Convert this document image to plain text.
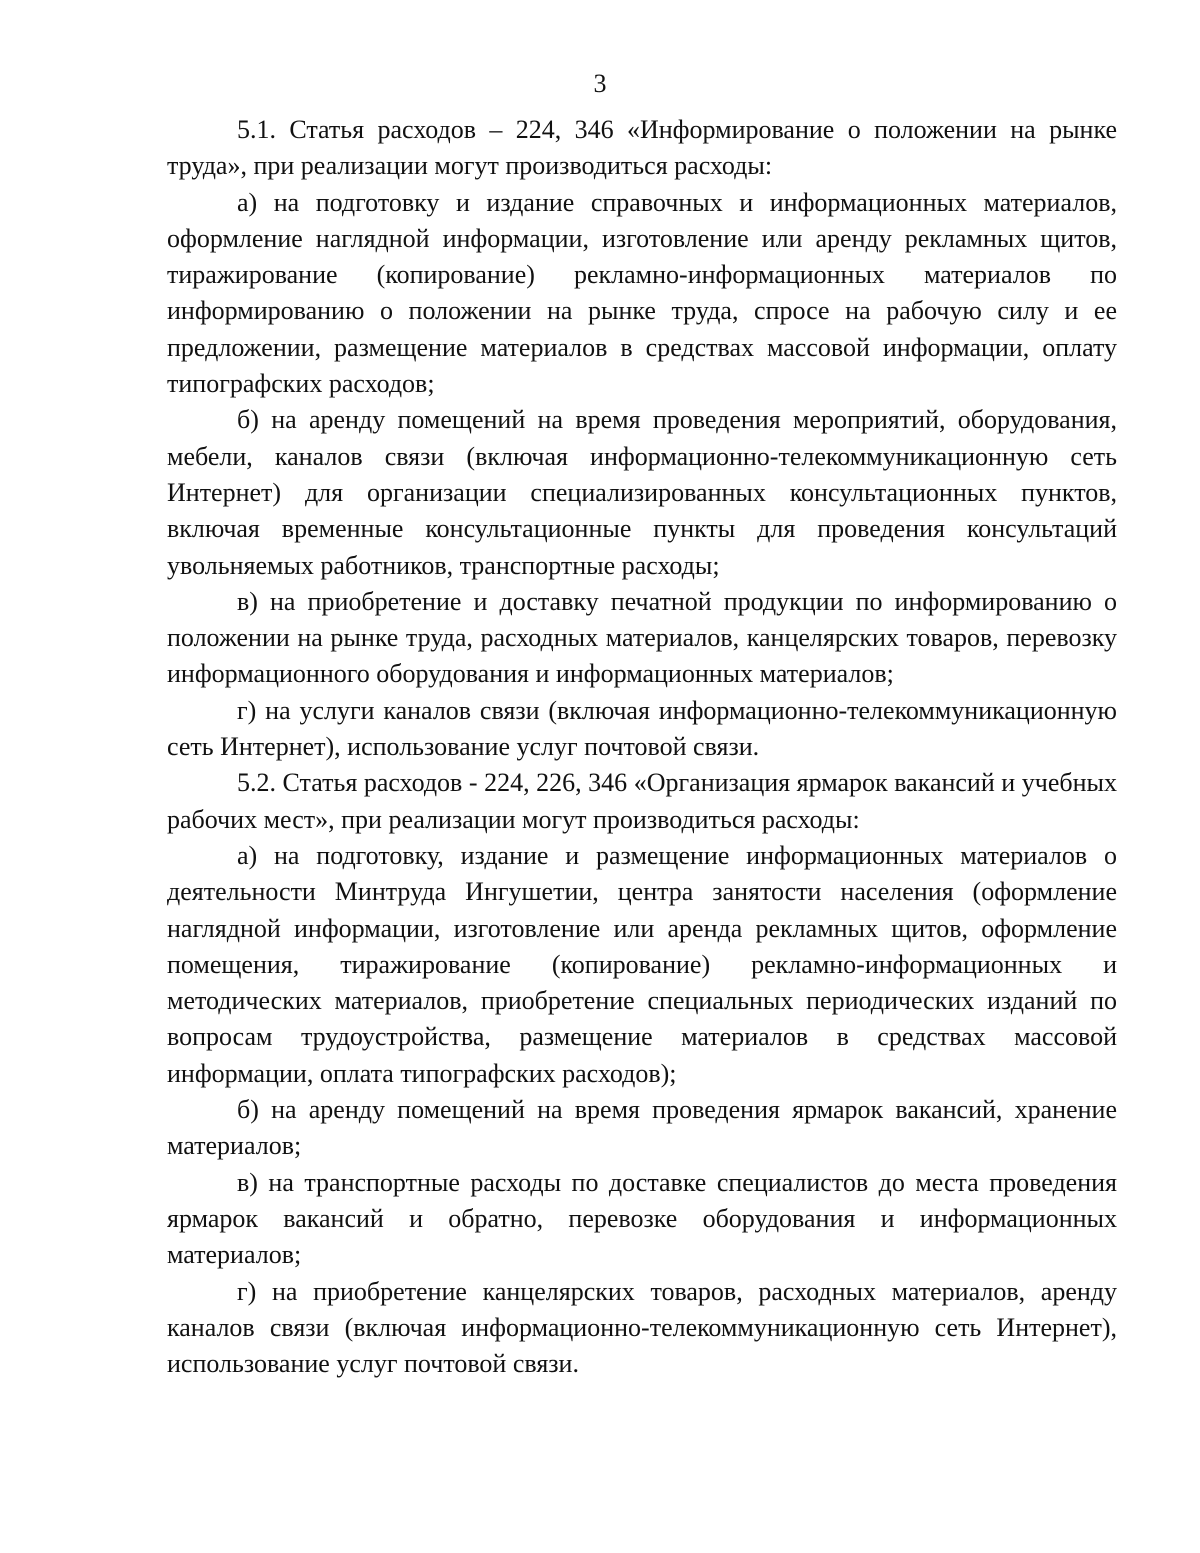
3

5.1. Статья расходов – 224, 346 «Информирование о положении на рынке труда», при реализации могут производиться расходы:

а) на подготовку и издание справочных и информационных материалов, оформление наглядной информации, изготовление или аренду рекламных щитов, тиражирование (копирование) рекламно-информационных материалов по информированию о положении на рынке труда, спросе на рабочую силу и ее предложении, размещение материалов в средствах массовой информации, оплату типографских расходов;

б) на аренду помещений на время проведения мероприятий, оборудования, мебели, каналов связи (включая информационно-телекоммуникационную сеть Интернет) для организации специализированных консультационных пунктов, включая временные консультационные пункты для проведения консультаций увольняемых работников, транспортные расходы;

в) на приобретение и доставку печатной продукции по информированию о положении на рынке труда, расходных материалов, канцелярских товаров, перевозку информационного оборудования и информационных материалов;

г) на услуги каналов связи (включая информационно-телекоммуникационную сеть Интернет), использование услуг почтовой связи.

5.2. Статья расходов - 224, 226, 346 «Организация ярмарок вакансий и учебных рабочих мест», при реализации могут производиться расходы:

а) на подготовку, издание и размещение информационных материалов о деятельности Минтруда Ингушетии, центра занятости населения (оформление наглядной информации, изготовление или аренда рекламных щитов, оформление помещения, тиражирование (копирование) рекламно-информационных и методических материалов, приобретение специальных периодических изданий по вопросам трудоустройства, размещение материалов в средствах массовой информации, оплата типографских расходов);

б) на аренду помещений на время проведения ярмарок вакансий, хранение материалов;

в) на транспортные расходы по доставке специалистов до места проведения ярмарок вакансий и обратно, перевозке оборудования и информационных материалов;

г) на приобретение канцелярских товаров, расходных материалов, аренду каналов связи (включая информационно-телекоммуникационную сеть Интернет), использование услуг почтовой связи.
